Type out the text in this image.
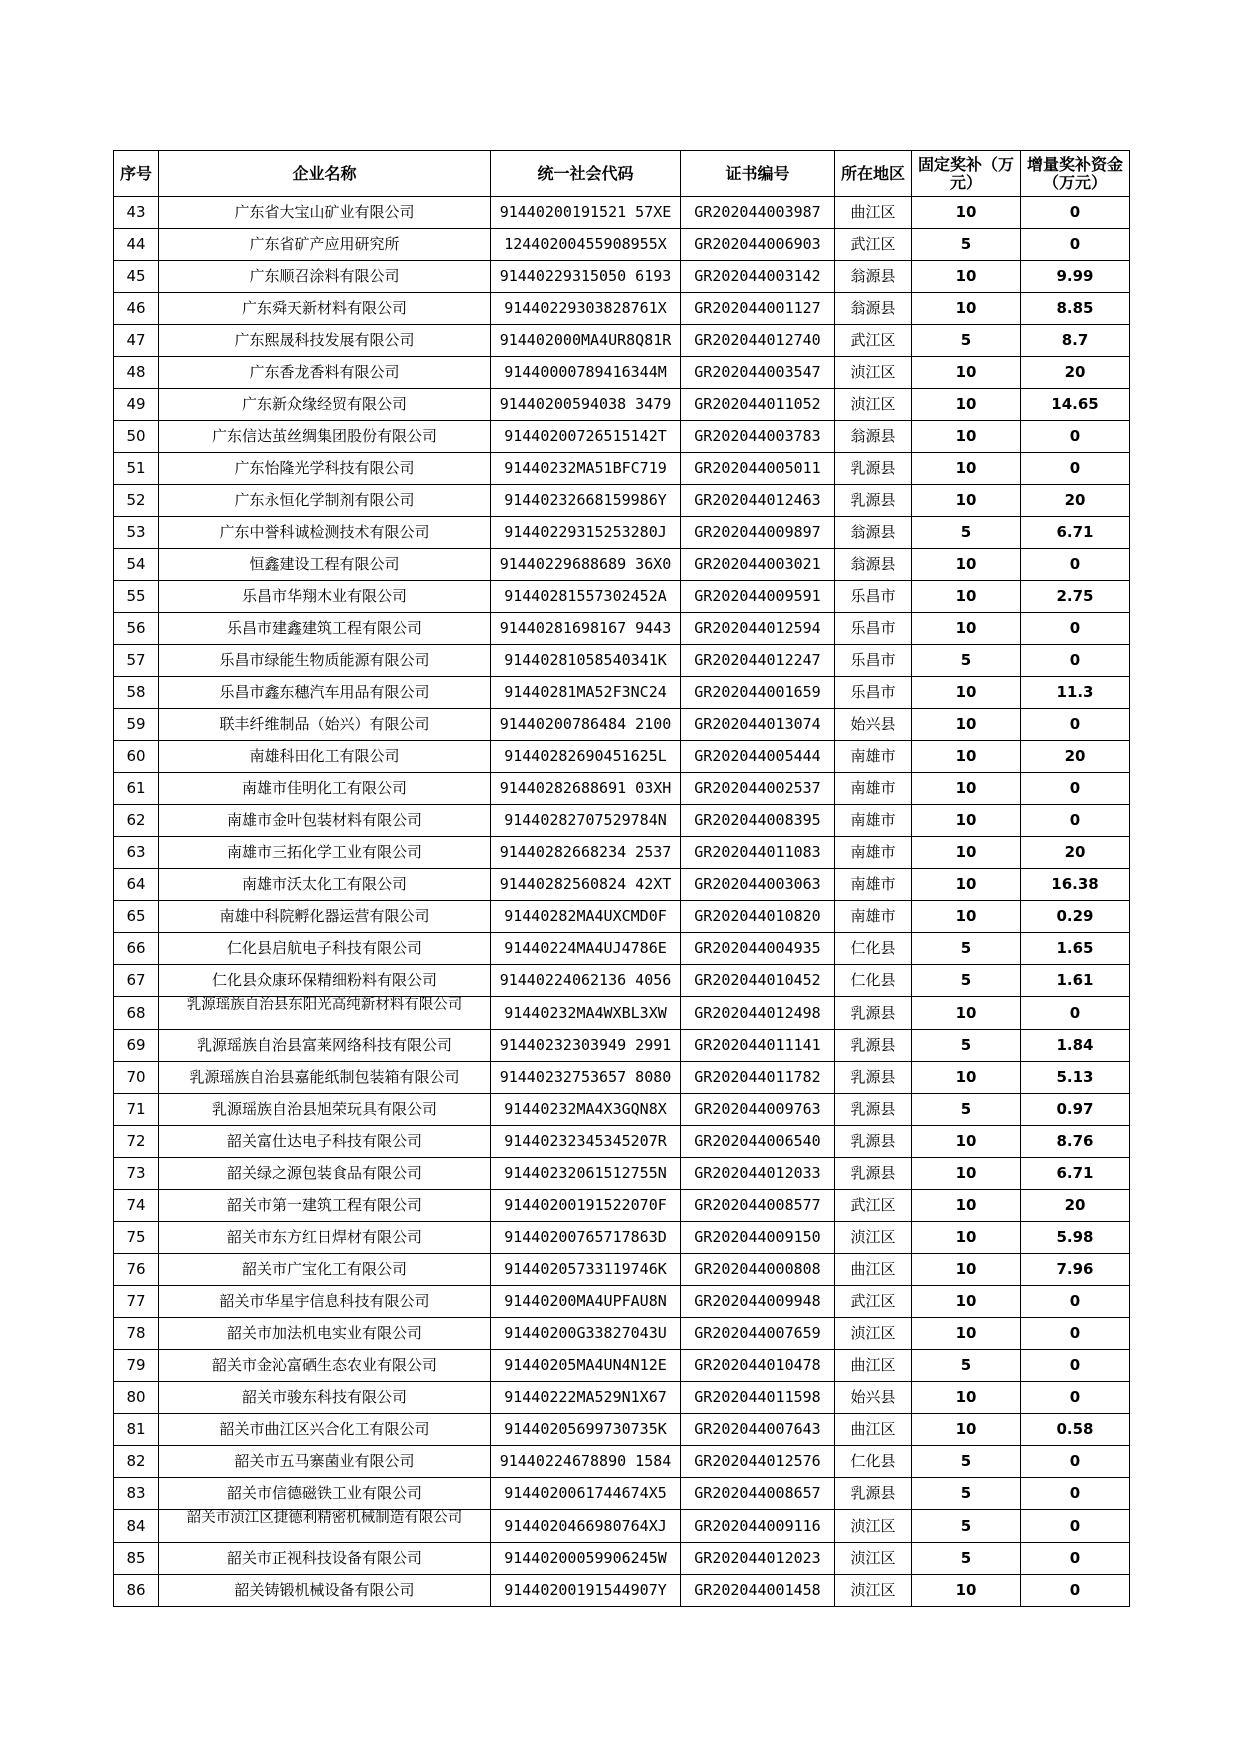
序号	企业名称	统一社会代码	证书编号	所在地区	固定奖补（万元）	增量奖补资金（万元）
43	广东省大宝山矿业有限公司	91440200191521 57XE	GR202044003987	曲江区	10	0
44	广东省矿产应用研究所	12440200455908955X	GR202044006903	武江区	5	0
45	广东顺召涂料有限公司	91440229315050 6193	GR202044003142	翁源县	10	9.99
46	广东舜天新材料有限公司	91440229303828761X	GR202044001127	翁源县	10	8.85
47	广东熙晟科技发展有限公司	914402000MA4UR8Q81R	GR202044012740	武江区	5	8.7
48	广东香龙香料有限公司	91440000789416344M	GR202044003547	浈江区	10	20
49	广东新众缘经贸有限公司	91440200594038 3479	GR202044011052	浈江区	10	14.65
50	广东信达茧丝绸集团股份有限公司	91440200726515142T	GR202044003783	翁源县	10	0
51	广东怡隆光学科技有限公司	91440232MA51BFC719	GR202044005011	乳源县	10	0
52	广东永恒化学制剂有限公司	91440232668159986Y	GR202044012463	乳源县	10	20
53	广东中誉科诚检测技术有限公司	91440229315253280J	GR202044009897	翁源县	5	6.71
54	恒鑫建设工程有限公司	91440229688689 36X0	GR202044003021	翁源县	10	0
55	乐昌市华翔木业有限公司	91440281557302452A	GR202044009591	乐昌市	10	2.75
56	乐昌市建鑫建筑工程有限公司	91440281698167 9443	GR202044012594	乐昌市	10	0
57	乐昌市绿能生物质能源有限公司	91440281058540341K	GR202044012247	乐昌市	5	0
58	乐昌市鑫东穗汽车用品有限公司	91440281MA52F3NC24	GR202044001659	乐昌市	10	11.3
59	联丰纤维制品（始兴）有限公司	91440200786484 2100	GR202044013074	始兴县	10	0
60	南雄科田化工有限公司	91440282690451625L	GR202044005444	南雄市	10	20
61	南雄市佳明化工有限公司	91440282688691 03XH	GR202044002537	南雄市	10	0
62	南雄市金叶包装材料有限公司	91440282707529784N	GR202044008395	南雄市	10	0
63	南雄市三拓化学工业有限公司	91440282668234 2537	GR202044011083	南雄市	10	20
64	南雄市沃太化工有限公司	91440282560824 42XT	GR202044003063	南雄市	10	16.38
65	南雄中科院孵化器运营有限公司	91440282MA4UXCMD0F	GR202044010820	南雄市	10	0.29
66	仁化县启航电子科技有限公司	91440224MA4UJ4786E	GR202044004935	仁化县	5	1.65
67	仁化县众康环保精细粉料有限公司	91440224062136 4056	GR202044010452	仁化县	5	1.61
68	乳源瑶族自治县东阳光高纯新材料有限公司	91440232MA4WXBL3XW	GR202044012498	乳源县	10	0
69	乳源瑶族自治县富莱网络科技有限公司	91440232303949 2991	GR202044011141	乳源县	5	1.84
70	乳源瑶族自治县嘉能纸制包装箱有限公司	91440232753657 8080	GR202044011782	乳源县	10	5.13
71	乳源瑶族自治县旭荣玩具有限公司	91440232MA4X3GQN8X	GR202044009763	乳源县	5	0.97
72	韶关富仕达电子科技有限公司	91440232345345207R	GR202044006540	乳源县	10	8.76
73	韶关绿之源包装食品有限公司	91440232061512755N	GR202044012033	乳源县	10	6.71
74	韶关市第一建筑工程有限公司	91440200191522070F	GR202044008577	武江区	10	20
75	韶关市东方红日焊材有限公司	91440200765717863D	GR202044009150	浈江区	10	5.98
76	韶关市广宝化工有限公司	91440205733119746K	GR202044000808	曲江区	10	7.96
77	韶关市华星宇信息科技有限公司	91440200MA4UPFAU8N	GR202044009948	武江区	10	0
78	韶关市加法机电实业有限公司	91440200G33827043U	GR202044007659	浈江区	10	0
79	韶关市金沁富硒生态农业有限公司	91440205MA4UN4N12E	GR202044010478	曲江区	5	0
80	韶关市骏东科技有限公司	91440222MA529N1X67	GR202044011598	始兴县	10	0
81	韶关市曲江区兴合化工有限公司	91440205699730735K	GR202044007643	曲江区	10	0.58
82	韶关市五马寨菌业有限公司	91440224678890 1584	GR202044012576	仁化县	5	0
83	韶关市信德磁铁工业有限公司	9144020061744674X5	GR202044008657	乳源县	5	0
84	韶关市浈江区捷德利精密机械制造有限公司	9144020466980764XJ	GR202044009116	浈江区	5	0
85	韶关市正视科技设备有限公司	91440200059906245W	GR202044012023	浈江区	5	0
86	韶关铸锻机械设备有限公司	91440200191544907Y	GR202044001458	浈江区	10	0
